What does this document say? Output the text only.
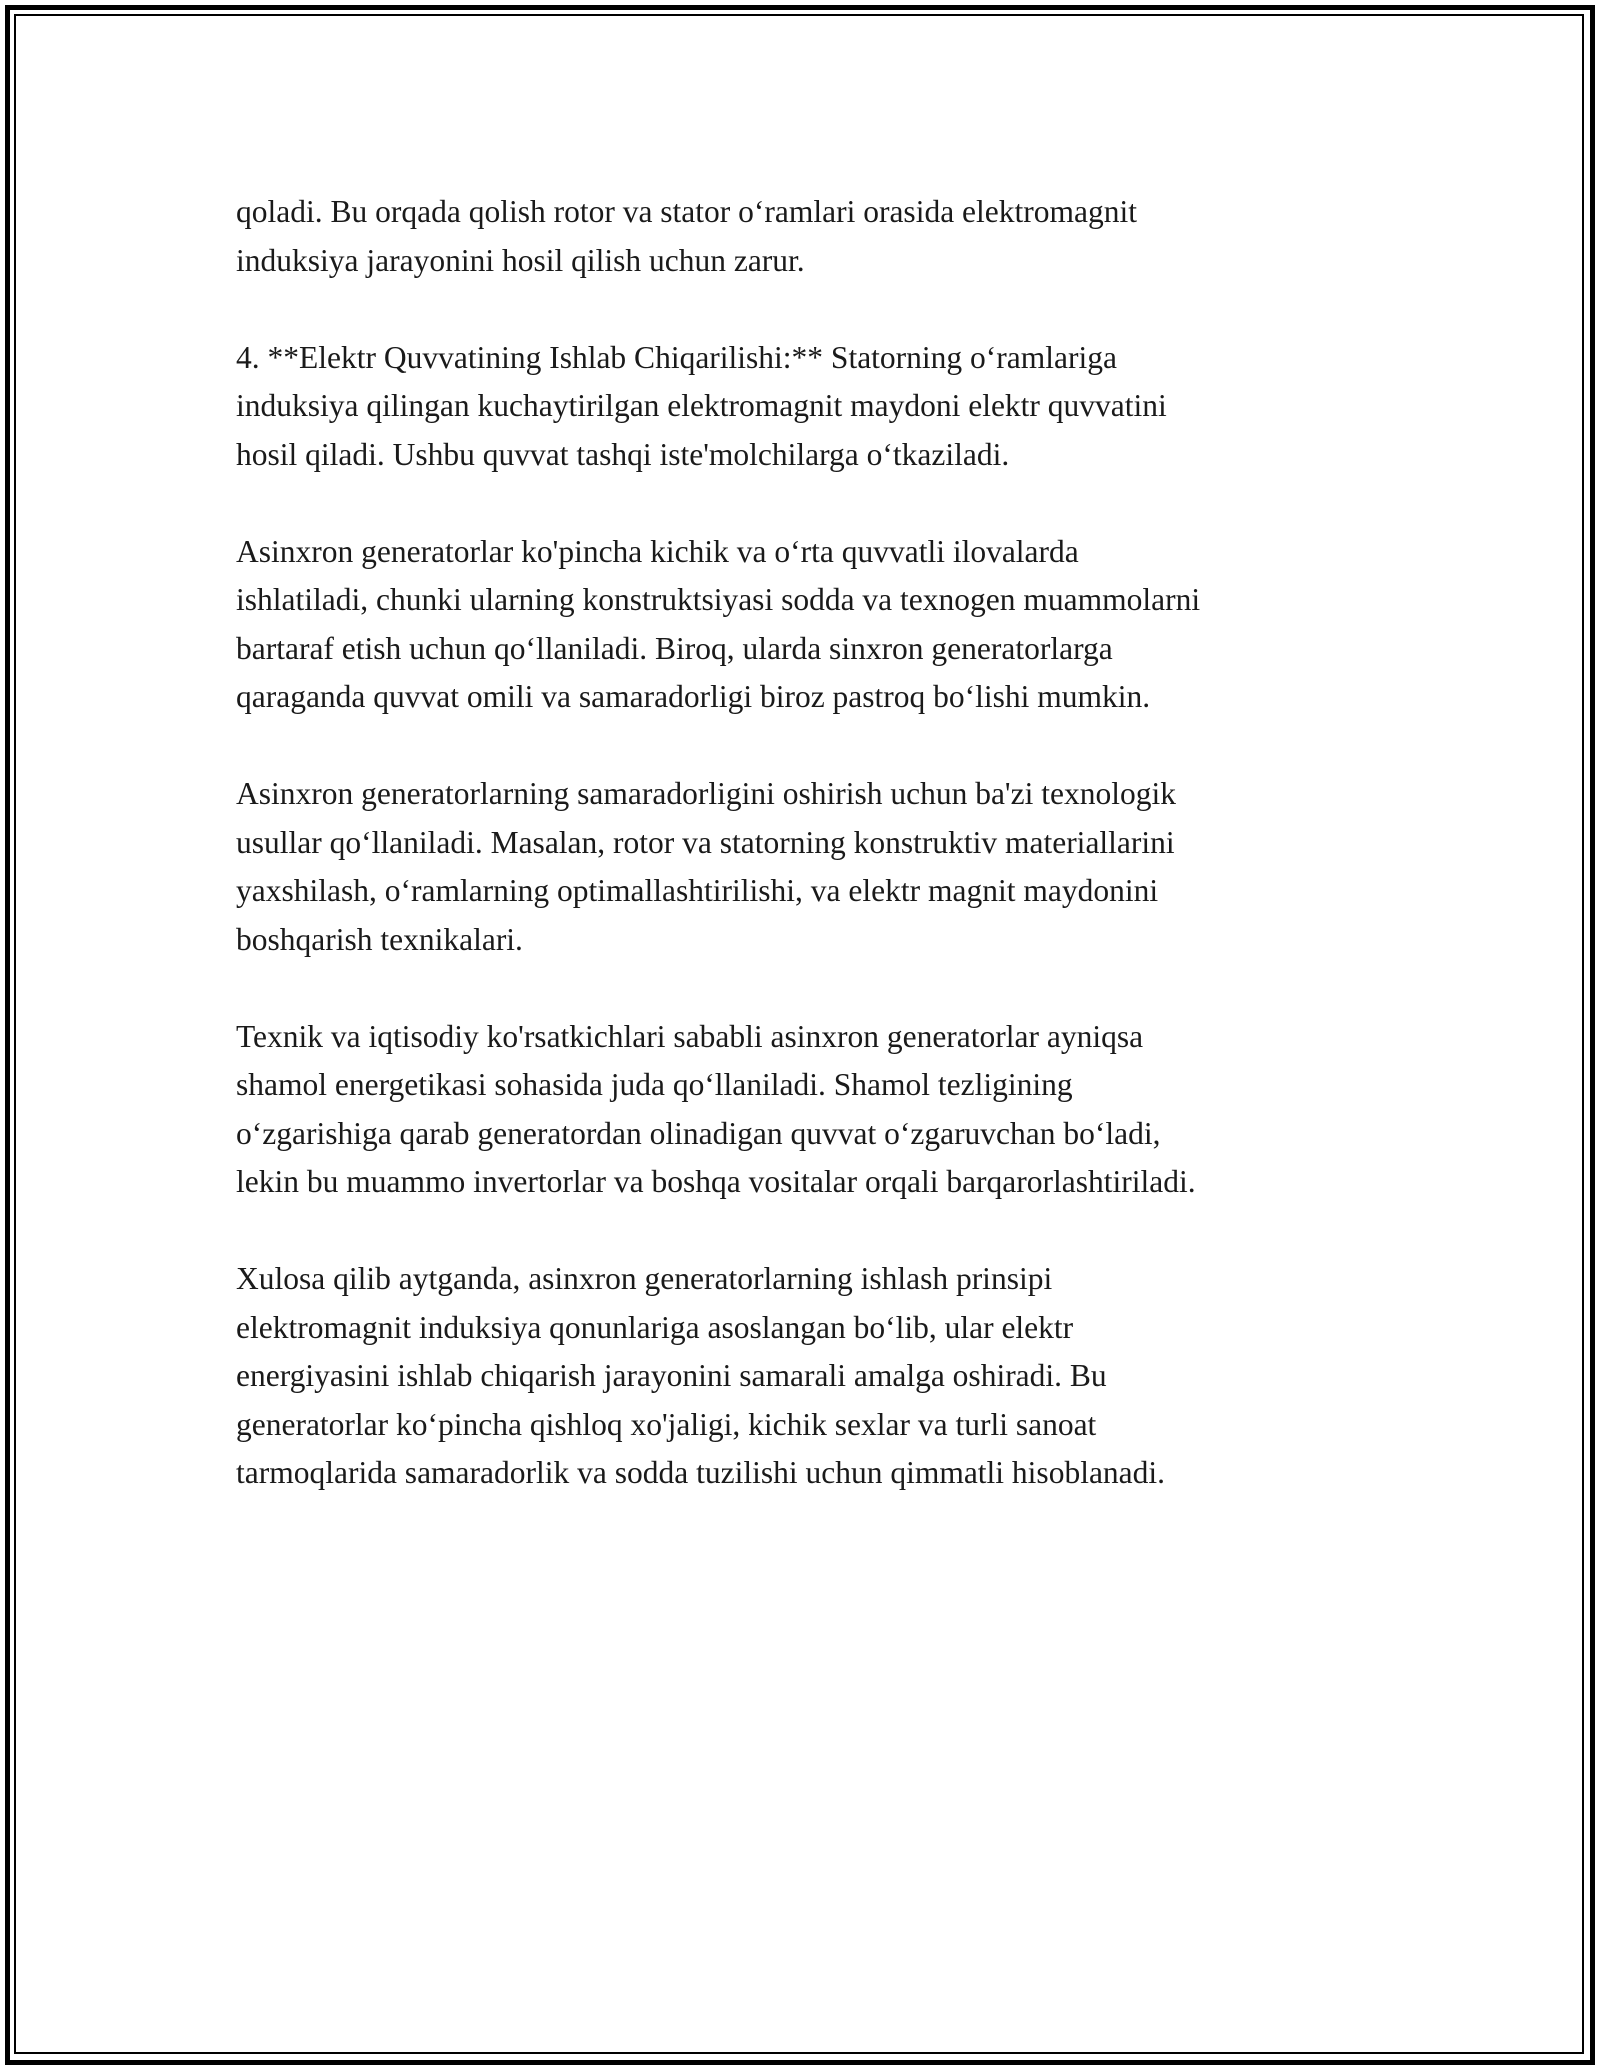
qoladi. Bu orqada qolish rotor va stator o‘ramlari orasida elektromagnit
induksiya jarayonini hosil qilish uchun zarur.

4. **Elektr Quvvatining Ishlab Chiqarilishi:** Statorning o‘ramlariga
induksiya qilingan kuchaytirilgan elektromagnit maydoni elektr quvvatini
hosil qiladi. Ushbu quvvat tashqi iste'molchilarga o‘tkaziladi.

Asinxron generatorlar ko'pincha kichik va o‘rta quvvatli ilovalarda
ishlatiladi, chunki ularning konstruktsiyasi sodda va texnogen muammolarni
bartaraf etish uchun qo‘llaniladi. Biroq, ularda sinxron generatorlarga
qaraganda quvvat omili va samaradorligi biroz pastroq bo‘lishi mumkin.

Asinxron generatorlarning samaradorligini oshirish uchun ba'zi texnologik
usullar qo‘llaniladi. Masalan, rotor va statorning konstruktiv materiallarini
yaxshilash, o‘ramlarning optimallashtirilishi, va elektr magnit maydonini
boshqarish texnikalari.

Texnik va iqtisodiy ko'rsatkichlari sababli asinxron generatorlar ayniqsa
shamol energetikasi sohasida juda qo‘llaniladi. Shamol tezligining
o‘zgarishiga qarab generatordan olinadigan quvvat o‘zgaruvchan bo‘ladi,
lekin bu muammo invertorlar va boshqa vositalar orqali barqarorlashtiriladi.

Xulosa qilib aytganda, asinxron generatorlarning ishlash prinsipi
elektromagnit induksiya qonunlariga asoslangan bo‘lib, ular elektr
energiyasini ishlab chiqarish jarayonini samarali amalga oshiradi. Bu
generatorlar ko‘pincha qishloq xo'jaligi, kichik sexlar va turli sanoat
tarmoqlarida samaradorlik va sodda tuzilishi uchun qimmatli hisoblanadi.
